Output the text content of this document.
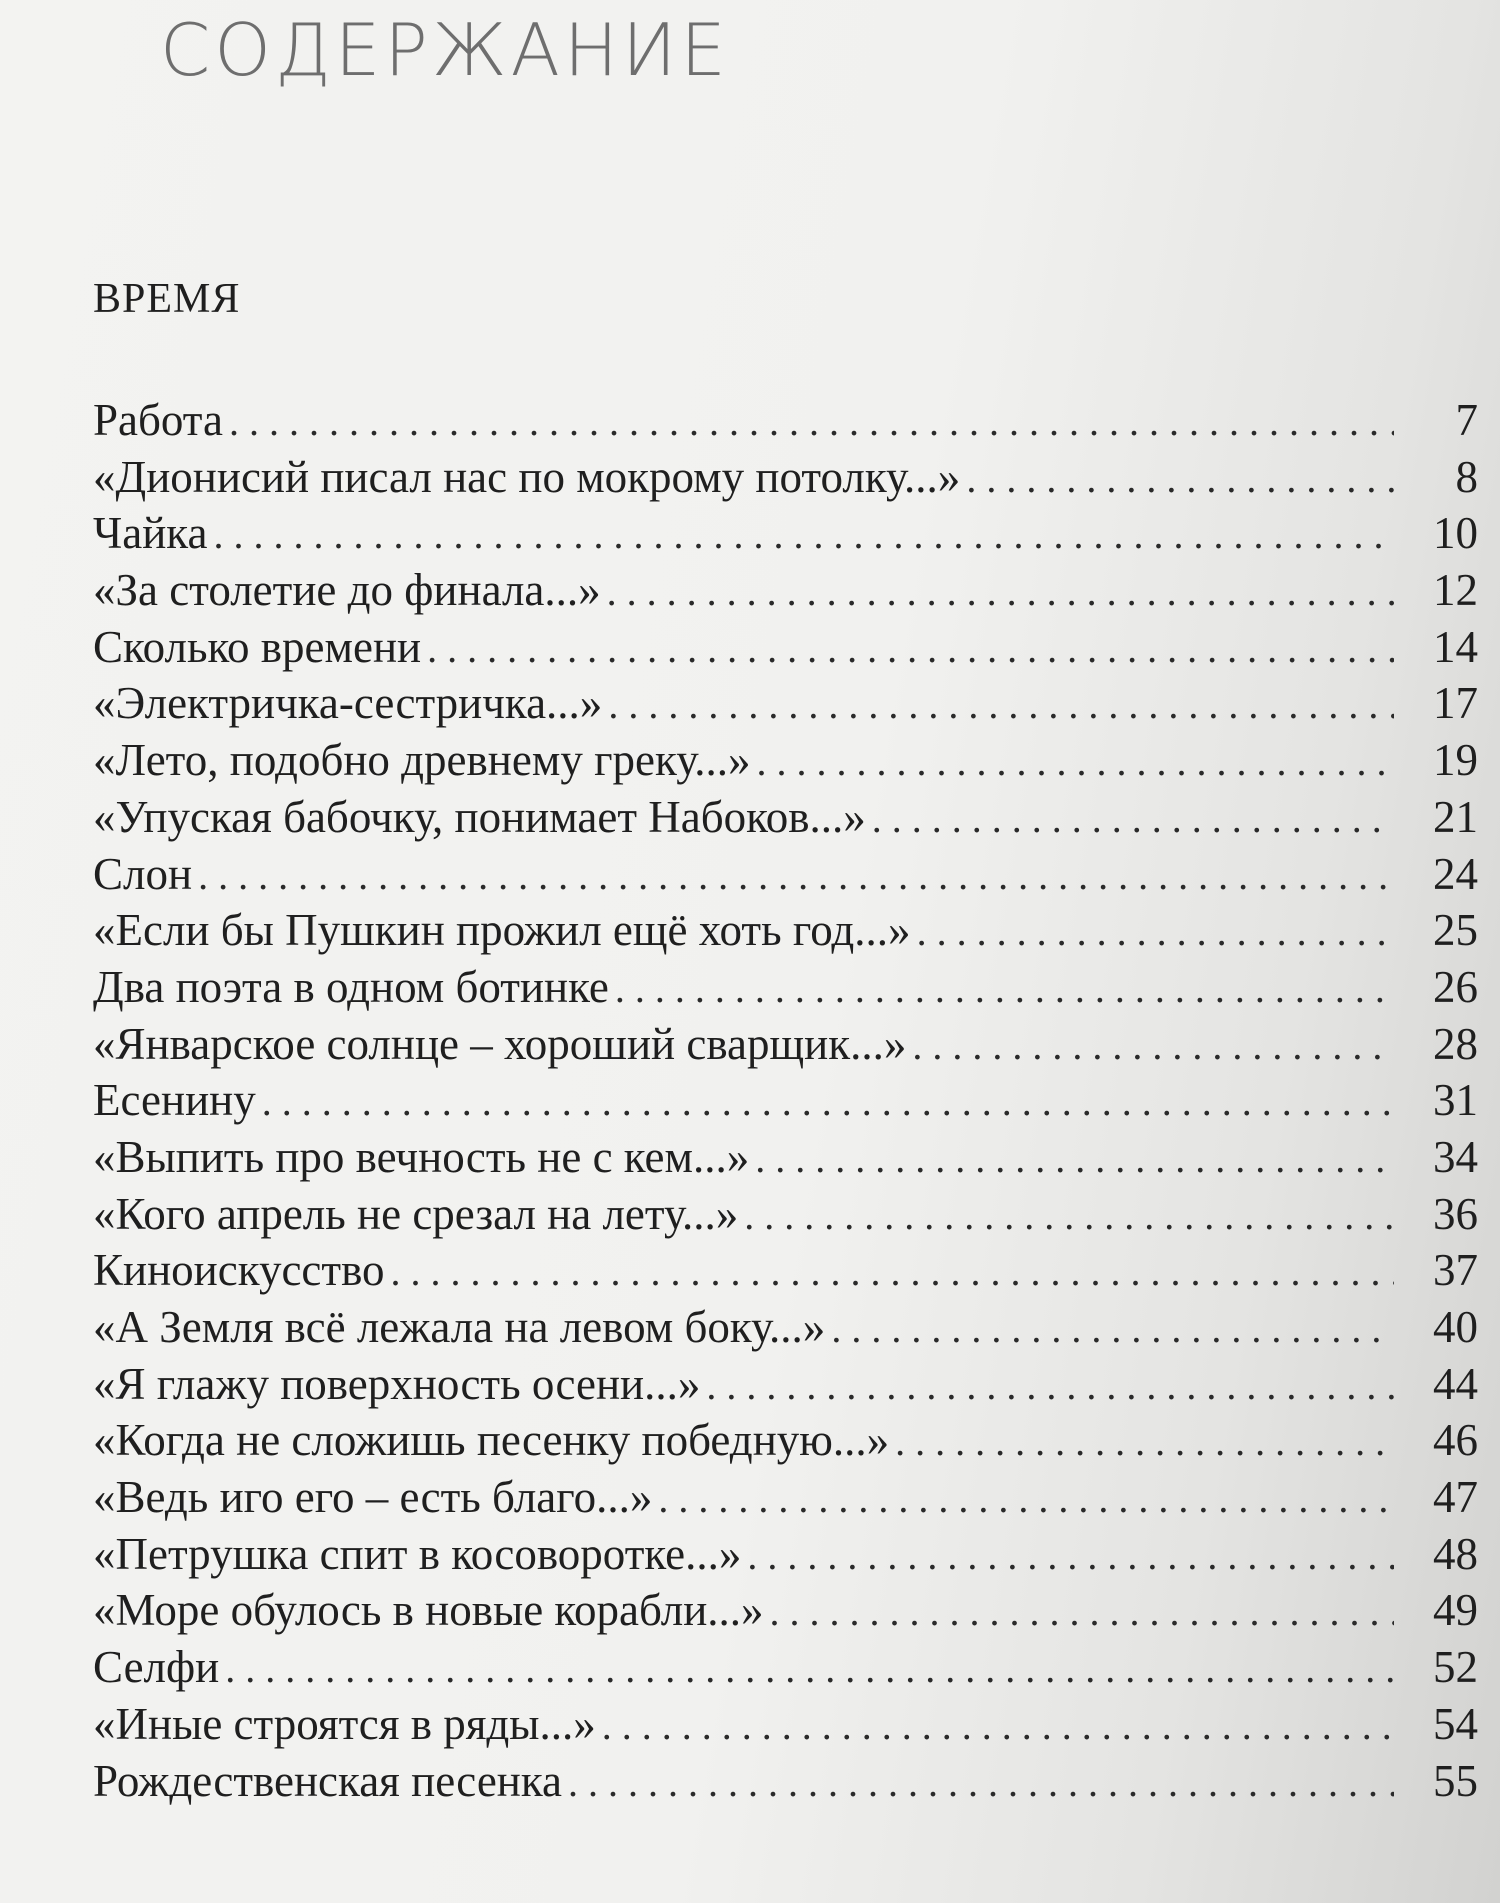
СОДЕРЖАНИЕ
ВРЕМЯ
Работа . . .	7
«Дионисий писал нас по мокрому потолку...» . . .	8
Чайка . . .	10
«За столетие до финала...» . . .	12
Сколько времени . . .	14
«Электричка-сестричка...» . . .	17
«Лето, подобно древнему греку...» . . .	19
«Упуская бабочку, понимает Набоков...» . . .	21
Слон . . .	24
«Если бы Пушкин прожил ещё хоть год...» . . .	25
Два поэта в одном ботинке . . .	26
«Январское солнце – хороший сварщик...» . . .	28
Есенину . . .	31
«Выпить про вечность не с кем...» . . .	34
«Кого апрель не срезал на лету...» . . .	36
Киноискусство . . .	37
«А Земля всё лежала на левом боку...» . . .	40
«Я глажу поверхность осени...» . . .	44
«Когда не сложишь песенку победную...» . . .	46
«Ведь иго его – есть благо...» . . .	47
«Петрушка спит в косоворотке...» . . .	48
«Море обулось в новые корабли...» . . .	49
Селфи . . .	52
«Иные строятся в ряды...» . . .	54
Рождественская песенка . . .	55
